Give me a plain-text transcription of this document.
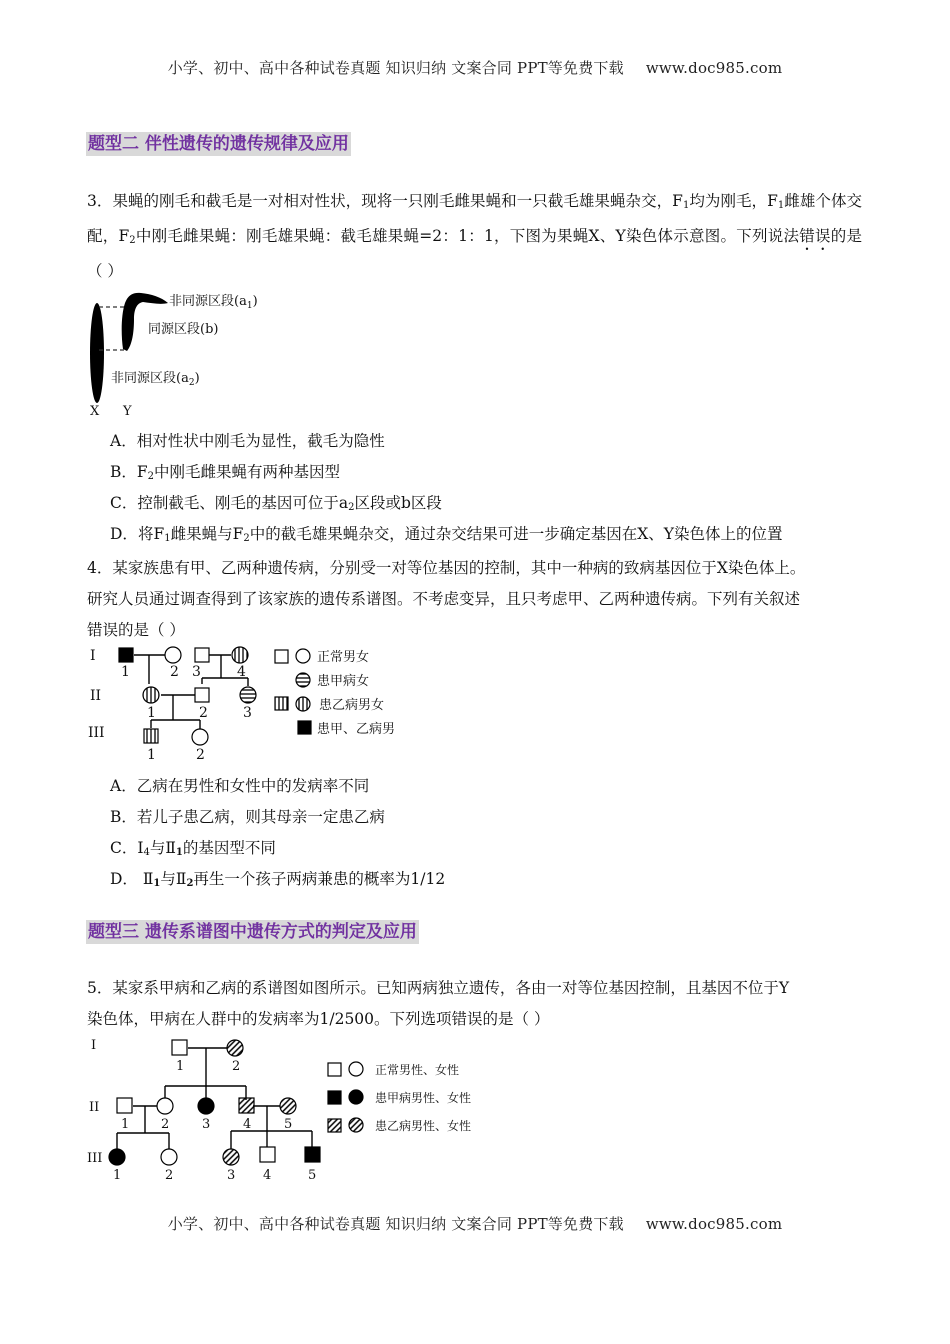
小学、初中、高中各种试卷真题 知识归纳 文案合同 PPT等免费下载 www.doc985.com
题型二 伴性遗传的遗传规律及应用
3．果蝇的刚毛和截毛是一对相对性状，现将一只刚毛雌果蝇和一只截毛雄果蝇杂交，$F_1$均为刚毛，$F_1$雌雄个体交配，$F_2$中刚毛雌果蝇：刚毛雄果蝇：截毛雄果蝇=2：1：1，下图为果蝇X、Y染色体示意图。下列说法错误的是（ ）
非同源区段$(a_1)$
同源区段(b)
非同源区段$(a_2)$
X Y
A．相对性状中刚毛为显性，截毛为隐性
B．$F_2$中刚毛雌果蝇有两种基因型
C．控制截毛、刚毛的基因可位于$a_2$区段或b区段
D．将$F_1$雌果蝇与$F_2$中的截毛雄果蝇杂交，通过杂交结果可进一步确定基因在X、Y染色体上的位置
4．某家族患有甲、乙两种遗传病，分别受一对等位基因的控制，其中一种病的致病基因位于X染色体上。
研究人员通过调查得到了该家族的遗传系谱图。不考虑变异，且只考虑甲、乙两种遗传病。下列有关叙述
错误的是（ ）
I
II
III
1	2 3	4
1	2	3
1	2
正常男女
患甲病女
患乙病男女
患甲、乙病男
A．乙病在男性和女性中的发病率不同
B．若儿子患乙病，则其母亲一定患乙病
C．$I_4$与Ⅱ1的基因型不同
D． Ⅱ1与Ⅱ2再生一个孩子两病兼患的概率为1/12
题型三 遗传系谱图中遗传方式的判定及应用
5．某家系甲病和乙病的系谱图如图所示。已知两病独立遗传，各由一对等位基因控制，且基因不位于Y
染色体，甲病在人群中的发病率为1/2500。下列选项错误的是（ ）
I
II
III
1	2
1 2	3	4	5
1	2	3 4	5
正常男性、女性
患甲病男性、女性
患乙病男性、女性
小学、初中、高中各种试卷真题 知识归纳 文案合同 PPT等免费下载 www.doc985.com
